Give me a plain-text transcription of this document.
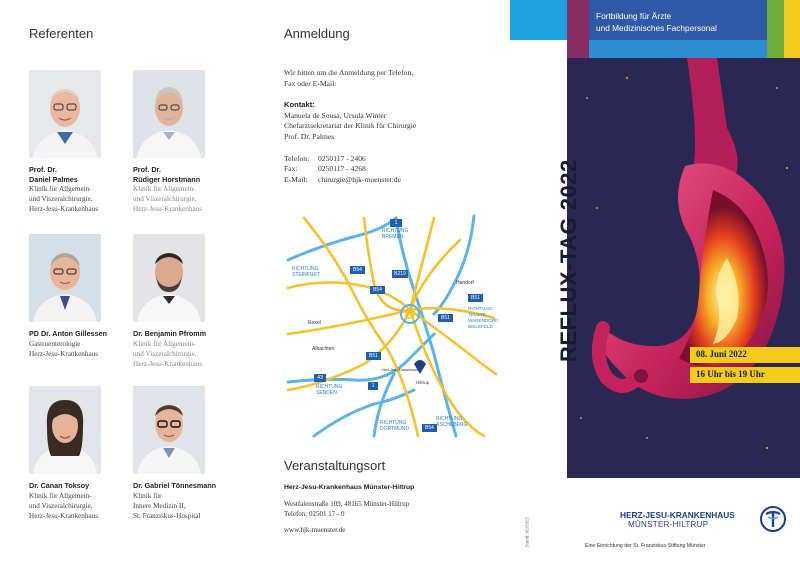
Referenten
Prof. Dr.
Daniel Palmes
Klinik für Allgemein-
und Viszeralchirurgie,
Herz-Jesu-Krankenhaus
Prof. Dr.
Rüdiger Horstmann
Klinik für Allgemein-
und Viszeralchirurgie,
Herz-Jesu-Krankenhaus
PD Dr. Anton Gillessen
Gastroenterologie
Herz-Jesu-Krankenhaus
Dr. Benjamin Pfromm
Klinik für Allgemein-
und Viszeralchirurgie,
Herz-Jesu-Krankenhaus
Dr. Canan Toksoy
Klinik für Allgemein-
und Viszeralchirurgie,
Herz-Jesu-Krankenhaus
Dr. Gabriel Tönnesmann
Klinik für
Innere Medizin II,
St. Franziskus-Hospital
Anmeldung
Wir bitten um die Anmeldung per Telefon,
Fax oder E-Mail:
Kontakt:
Manuela de Sousa, Ursula Winter
Chefarztsekretariat der Klinik für Chirurgie
Prof. Dr. Palmes
Telefon:	0250117 - 2406
Fax:	0250117 - 4268
E-Mail:	chirurgie@hjk-muenster.de
1
1
43
B54
B54
B54
B219
B51
B51
B51
RICHTUNG
BREMEN
RICHTUNG
STEINFURT
RICHTUNG
TELGTE,
WARENDORF,
BIELEFELD
RICHTUNG
SENDEN
RICHTUNG
DORTMUND
RICHTUNG
ASCHEBERG
Roxel
Albachten
Handorf
Hiltrup
Herz-Jesu-Krankenhaus
Veranstaltungsort
Herz-Jesu-Krankenhaus Münster-Hiltrup
Westfalenstraße 109, 48165 Münster-Hiltrup
Telefon: 02501 17 - 0
www.hjk-muenster.de
Fortbildung für Ärzte
und Medizinisches Fachpersonal
REFLUX-TAG 2022	08. Juni 2022
16 Uhr bis 19 Uhr
Stand: 05/2022
HERZ-JESU-KRANKENHAUS
MÜNSTER-HILTRUP
Eine Einrichtung der St. Franziskus-Stiftung Münster
